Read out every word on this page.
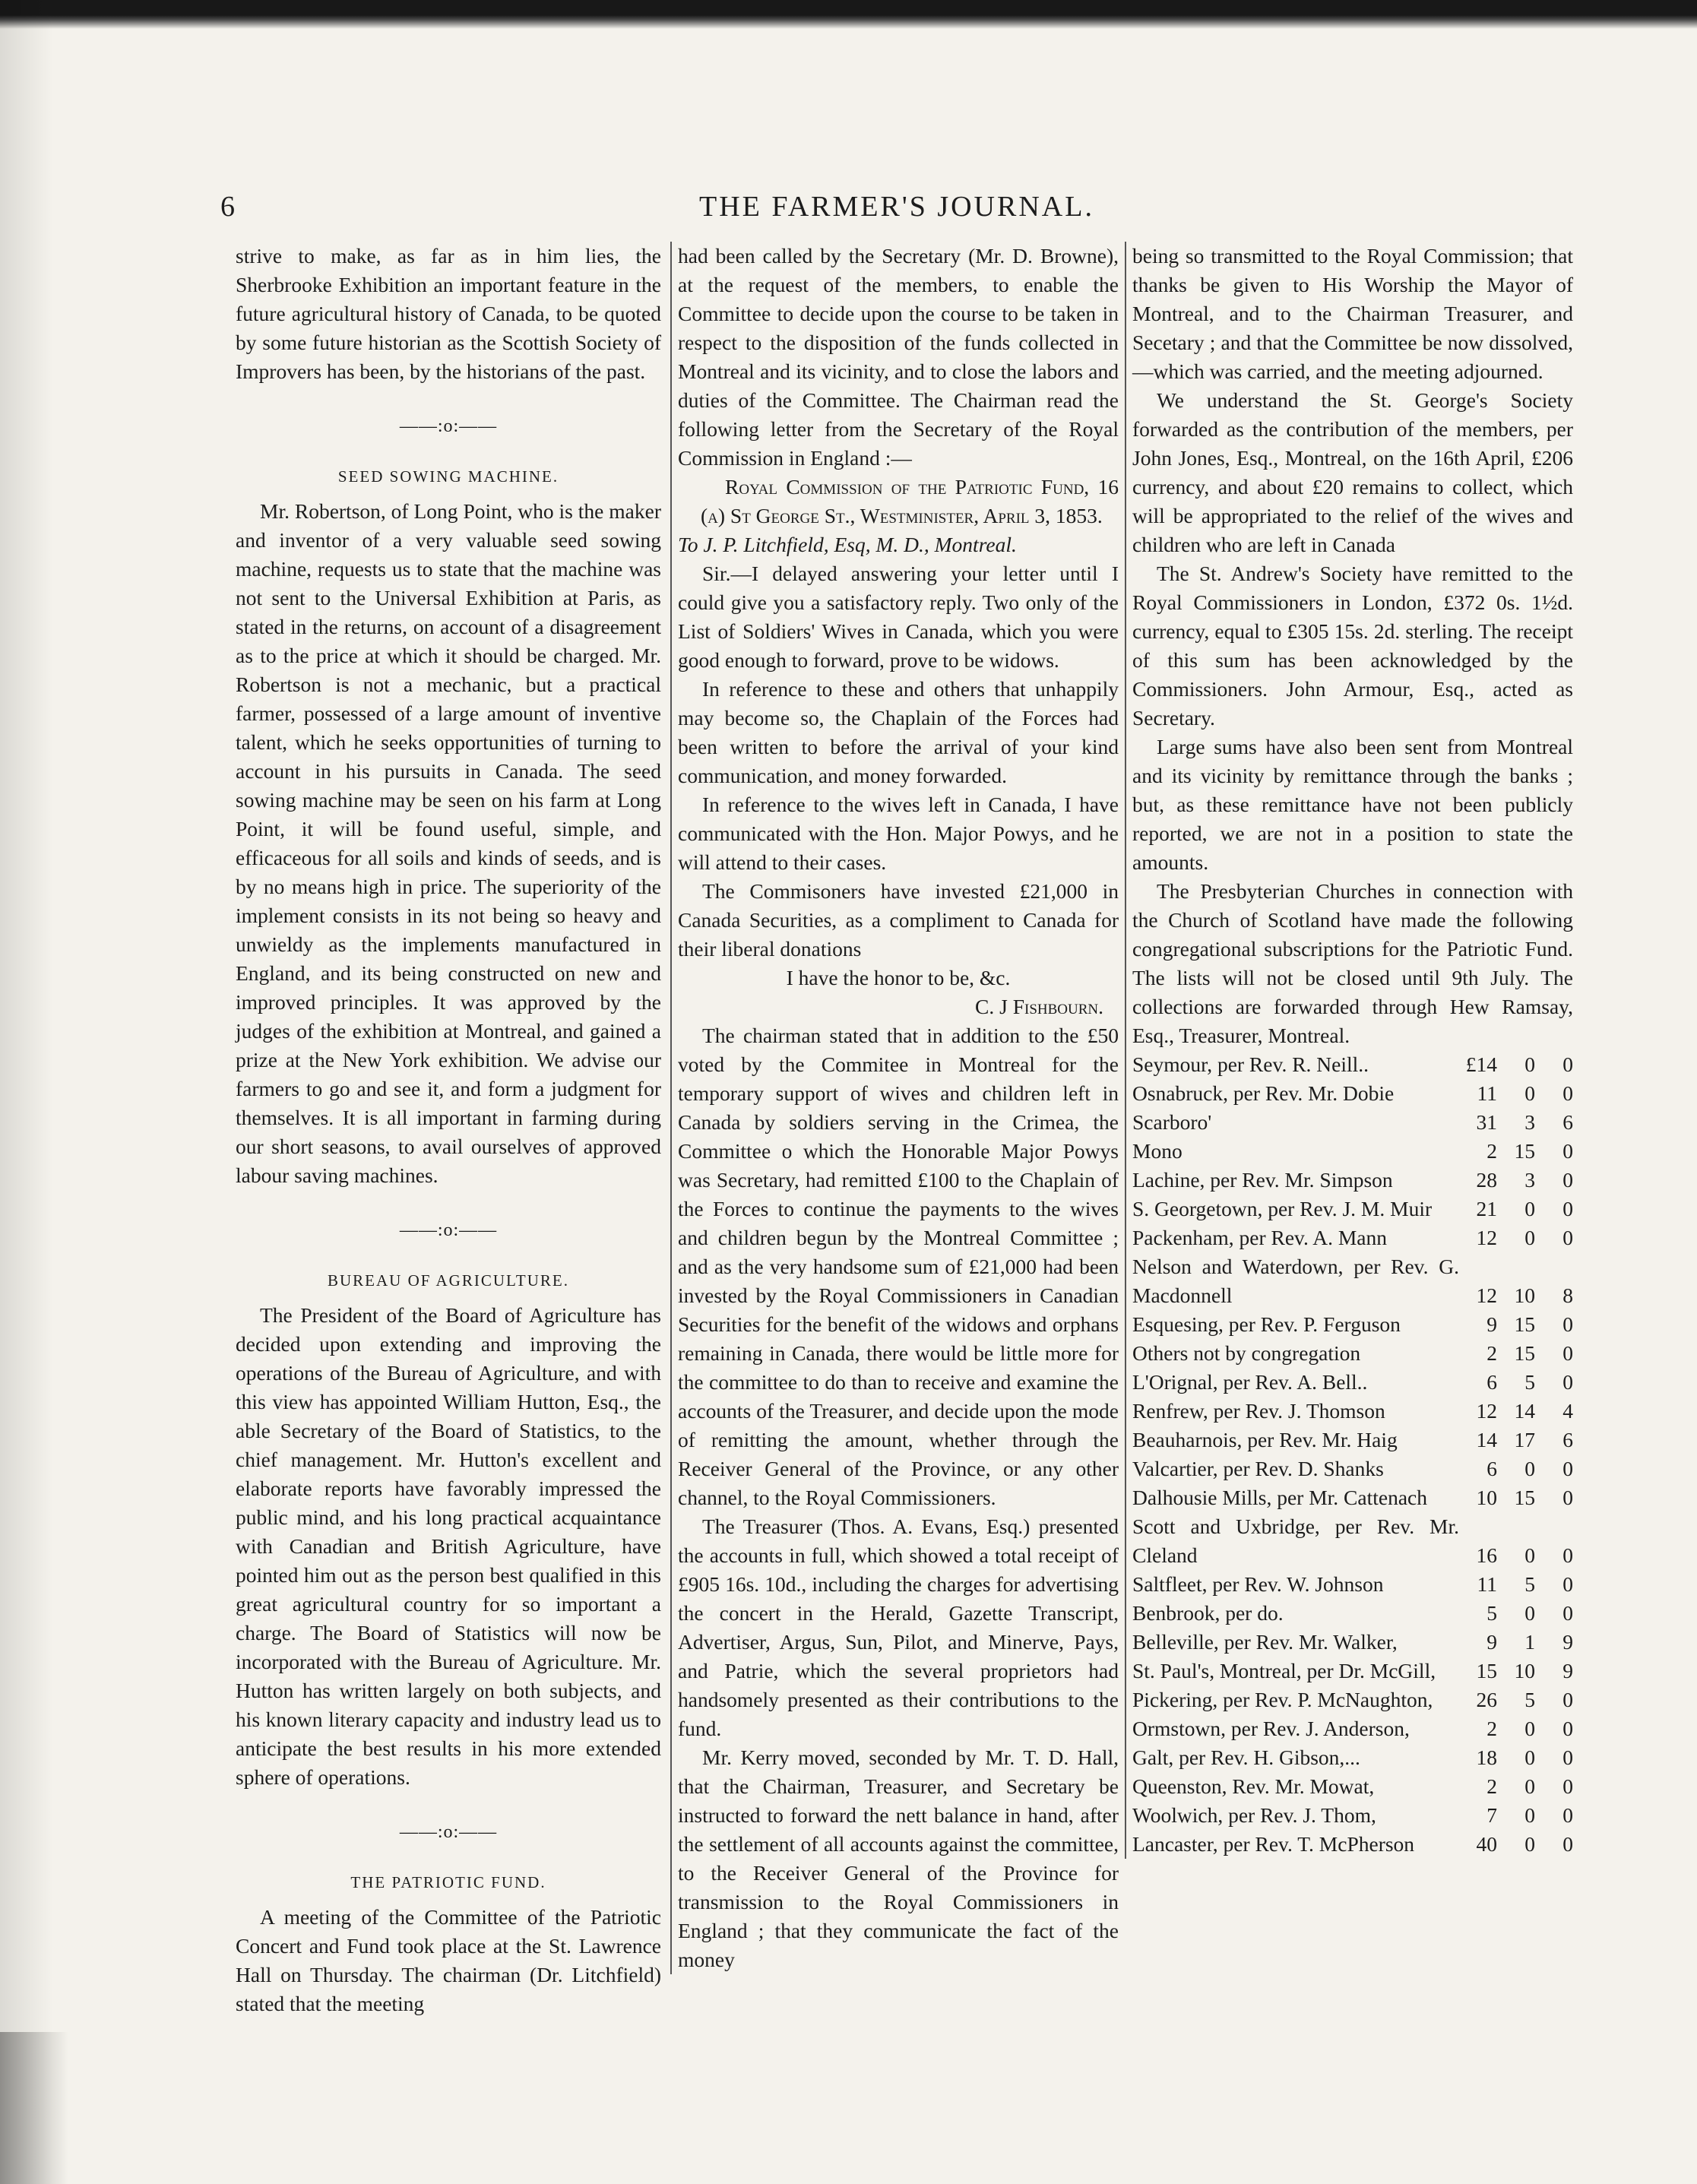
6	THE FARMER'S JOURNAL.

strive to make, as far as in him lies, the Sherbrooke Exhibition an important feature in the future agricultural history of Canada, to be quoted by some future historian as the Scottish Society of Improvers has been, by the historians of the past.

——:o:——
SEED SOWING MACHINE.

Mr. Robertson, of Long Point, who is the maker and inventor of a very valuable seed sowing machine, requests us to state that the machine was not sent to the Universal Exhibition at Paris, as stated in the returns, on account of a disagreement as to the price at which it should be charged. Mr. Robertson is not a mechanic, but a practical farmer, possessed of a large amount of inventive talent, which he seeks opportunities of turning to account in his pursuits in Canada. The seed sowing machine may be seen on his farm at Long Point, it will be found useful, simple, and efficaceous for all soils and kinds of seeds, and is by no means high in price. The superiority of the implement consists in its not being so heavy and unwieldy as the implements manufactured in England, and its being constructed on new and improved principles. It was approved by the judges of the exhibition at Montreal, and gained a prize at the New York exhibition. We advise our farmers to go and see it, and form a judgment for themselves. It is all important in farming during our short seasons, to avail ourselves of approved labour saving machines.

——:o:——
BUREAU OF AGRICULTURE.

The President of the Board of Agriculture has decided upon extending and improving the operations of the Bureau of Agriculture, and with this view has appointed William Hutton, Esq., the able Secretary of the Board of Statistics, to the chief management. Mr. Hutton's excellent and elaborate reports have favorably impressed the public mind, and his long practical acquaintance with Canadian and British Agriculture, have pointed him out as the person best qualified in this great agricultural country for so important a charge. The Board of Statistics will now be incorporated with the Bureau of Agriculture. Mr. Hutton has written largely on both subjects, and his known literary capacity and industry lead us to anticipate the best results in his more extended sphere of operations.

——:o:——
THE PATRIOTIC FUND.

A meeting of the Committee of the Patriotic Concert and Fund took place at the St. Lawrence Hall on Thursday. The chairman (Dr. Litchfield) stated that the meeting

had been called by the Secretary (Mr. D. Browne), at the request of the members, to enable the Committee to decide upon the course to be taken in respect to the disposition of the funds collected in Montreal and its vicinity, and to close the labors and duties of the Committee. The Chairman read the following letter from the Secretary of the Royal Commission in England :—

Royal Commission of the Patriotic Fund, 16 (a) St George St., Westminister, April 3, 1853.

To J. P. Litchfield, Esq, M. D., Montreal.

Sir.—I delayed answering your letter until I could give you a satisfactory reply. Two only of the List of Soldiers' Wives in Canada, which you were good enough to forward, prove to be widows.

In reference to these and others that unhappily may become so, the Chaplain of the Forces had been written to before the arrival of your kind communication, and money forwarded.

In reference to the wives left in Canada, I have communicated with the Hon. Major Powys, and he will attend to their cases.

The Commisoners have invested £21,000 in Canada Securities, as a compliment to Canada for their liberal donations

I have the honor to be, &c.

C. J Fishbourn.

The chairman stated that in addition to the £50 voted by the Commitee in Montreal for the temporary support of wives and children left in Canada by soldiers serving in the Crimea, the Committee o which the Honorable Major Powys was Secretary, had remitted £100 to the Chaplain of the Forces to continue the payments to the wives and children begun by the Montreal Committee ; and as the very handsome sum of £21,000 had been invested by the Royal Commissioners in Canadian Securities for the benefit of the widows and orphans remaining in Canada, there would be little more for the committee to do than to receive and examine the accounts of the Treasurer, and decide upon the mode of remitting the amount, whether through the Receiver General of the Province, or any other channel, to the Royal Commissioners.

The Treasurer (Thos. A. Evans, Esq.) presented the accounts in full, which showed a total receipt of £905 16s. 10d., including the charges for advertising the concert in the Herald, Gazette Transcript, Advertiser, Argus, Sun, Pilot, and Minerve, Pays, and Patrie, which the several proprietors had handsomely presented as their contributions to the fund.

Mr. Kerry moved, seconded by Mr. T. D. Hall, that the Chairman, Treasurer, and Secretary be instructed to forward the nett balance in hand, after the settlement of all accounts against the committee, to the Receiver General of the Province for transmission to the Royal Commissioners in England ; that they communicate the fact of the money

being so transmitted to the Royal Commission; that thanks be given to His Worship the Mayor of Montreal, and to the Chairman Treasurer, and Secetary ; and that the Committee be now dissolved,—which was carried, and the meeting adjourned.

We understand the St. George's Society forwarded as the contribution of the members, per John Jones, Esq., Montreal, on the 16th April, £206 currency, and about £20 remains to collect, which will be appropriated to the relief of the wives and children who are left in Canada

The St. Andrew's Society have remitted to the Royal Commissioners in London, £372 0s. 1½d. currency, equal to £305 15s. 2d. sterling. The receipt of this sum has been acknowledged by the Commissioners. John Armour, Esq., acted as Secretary.

Large sums have also been sent from Montreal and its vicinity by remittance through the banks ; but, as these remittance have not been publicly reported, we are not in a position to state the amounts.

The Presbyterian Churches in connection with the Church of Scotland have made the following congregational subscriptions for the Patriotic Fund. The lists will not be closed until 9th July. The collections are forwarded through Hew Ramsay, Esq., Treasurer, Montreal.

Seymour, per Rev. R. Neill..	£14	0	0
Osnabruck, per Rev. Mr. Dobie	11	0	0
Scarboro'	31	3	6
Mono	2	15	0
Lachine, per Rev. Mr. Simpson	28	3	0
S. Georgetown, per Rev. J. M. Muir	21	0	0
Packenham, per Rev. A. Mann	12	0	0
Nelson and Waterdown, per Rev. G. Macdonnell	12	10	8
Esquesing, per Rev. P. Ferguson	9	15	0
Others not by congregation	2	15	0
L'Orignal, per Rev. A. Bell..	6	5	0
Renfrew, per Rev. J. Thomson	12	14	4
Beauharnois, per Rev. Mr. Haig	14	17	6
Valcartier, per Rev. D. Shanks	6	0	0
Dalhousie Mills, per Mr. Cattenach	10	15	0
Scott and Uxbridge, per Rev. Mr. Cleland	16	0	0
Saltfleet, per Rev. W. Johnson	11	5	0
Benbrook, per do.	5	0	0
Belleville, per Rev. Mr. Walker,	9	1	9
St. Paul's, Montreal, per Dr. McGill,	15	10	9
Pickering, per Rev. P. McNaughton,	26	5	0
Ormstown, per Rev. J. Anderson,	2	0	0
Galt, per Rev. H. Gibson,...	18	0	0
Queenston, Rev. Mr. Mowat,	2	0	0
Woolwich, per Rev. J. Thom,	7	0	0
Lancaster, per Rev. T. McPherson	40	0	0
